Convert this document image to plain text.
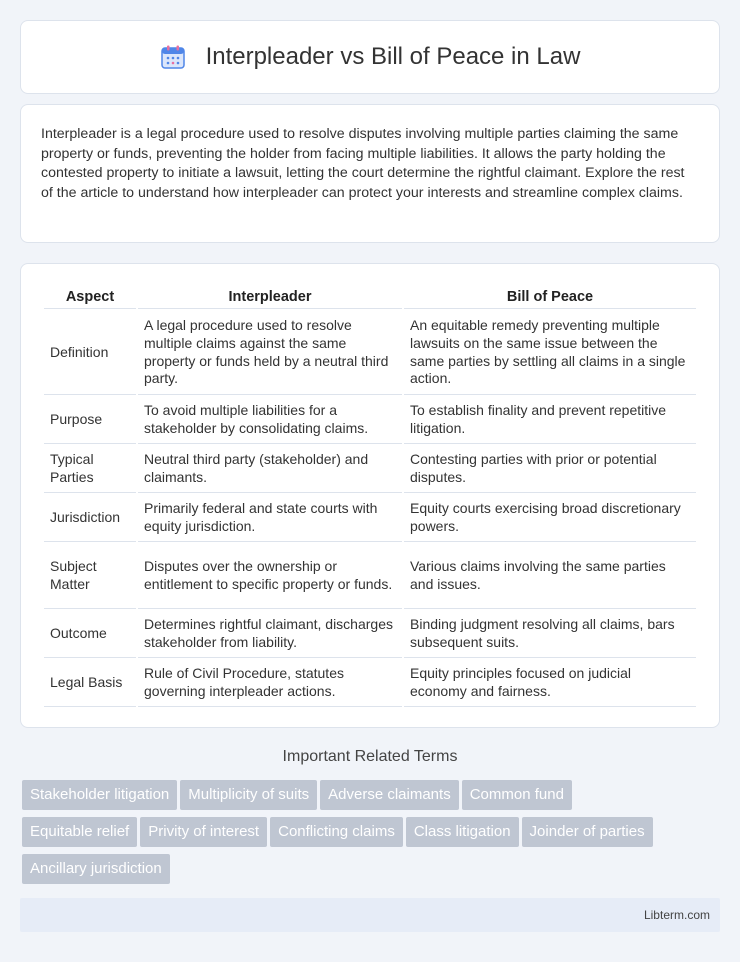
Interpleader vs Bill of Peace in Law

Interpleader is a legal procedure used to resolve disputes involving multiple parties claiming the same property or funds, preventing the holder from facing multiple liabilities. It allows the party holding the contested property to initiate a lawsuit, letting the court determine the rightful claimant. Explore the rest of the article to understand how interpleader can protect your interests and streamline complex claims.

Aspect	Interpleader	Bill of Peace
Definition	A legal procedure used to resolve multiple claims against the same property or funds held by a neutral third party.	An equitable remedy preventing multiple lawsuits on the same issue between the same parties by settling all claims in a single action.
Purpose	To avoid multiple liabilities for a stakeholder by consolidating claims.	To establish finality and prevent repetitive litigation.
Typical Parties	Neutral third party (stakeholder) and claimants.	Contesting parties with prior or potential disputes.
Jurisdiction	Primarily federal and state courts with equity jurisdiction.	Equity courts exercising broad discretionary powers.
Subject Matter	Disputes over the ownership or entitlement to specific property or funds.	Various claims involving the same parties and issues.
Outcome	Determines rightful claimant, discharges stakeholder from liability.	Binding judgment resolving all claims, bars subsequent suits.
Legal Basis	Rule of Civil Procedure, statutes governing interpleader actions.	Equity principles focused on judicial economy and fairness.
Important Related Terms
Stakeholder litigation Multiplicity of suits Adverse claimants Common fund
Equitable relief Privity of interest Conflicting claims Class litigation Joinder of parties
Ancillary jurisdiction
Libterm.com
